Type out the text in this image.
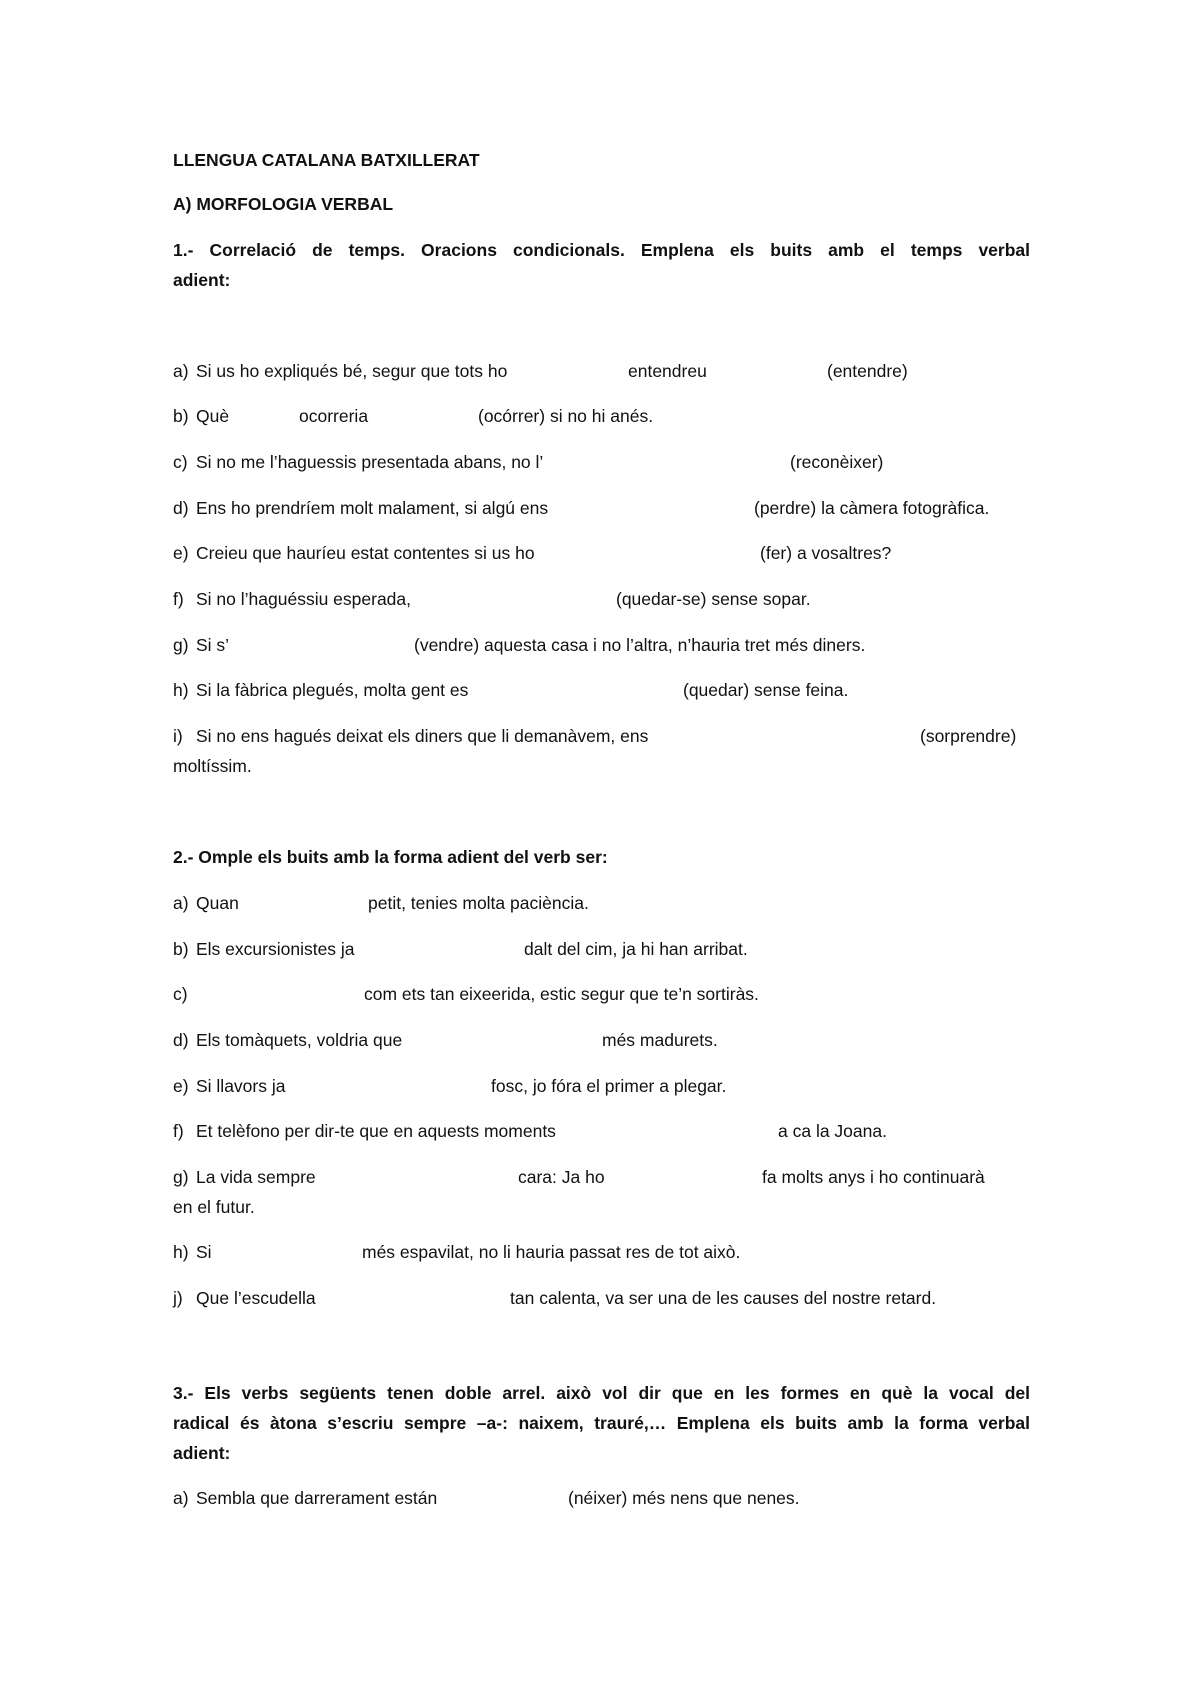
LLENGUA CATALANA BATXILLERAT
A) MORFOLOGIA VERBAL
1.- Correlació de temps. Oracions condicionals. Emplena els buits amb el temps verbal
adient:
a) Si us ho expliqués bé, segur que tots ho	entendreu	(entendre)
b) Què	ocorreria	(ocórrer) si no hi anés.
c) Si no me l’haguessis presentada abans, no l’	(reconèixer)
d) Ens ho prendríem molt malament, si algú ens	(perdre) la càmera fotogràfica.
e) Creieu que hauríeu estat contentes si us ho	(fer) a vosaltres?
f) Si no l’haguéssiu esperada,	(quedar-se) sense sopar.
g) Si s’	(vendre) aquesta casa i no l’altra, n’hauria tret més diners.
h) Si la fàbrica plegués, molta gent es	(quedar) sense feina.
i) Si no ens hagués deixat els diners que li demanàvem, ens	(sorprendre)
moltíssim.
2.- Omple els buits amb la forma adient del verb ser:
a) Quan	petit, tenies molta paciència.
b) Els excursionistes ja	dalt del cim, ja hi han arribat.
c)	com ets tan eixeerida, estic segur que te’n sortiràs.
d) Els tomàquets, voldria que	més madurets.
e) Si llavors ja	fosc, jo fóra el primer a plegar.
f) Et telèfono per dir-te que en aquests moments	a ca la Joana.
g) La vida sempre	cara: Ja ho	fa molts anys i ho continuarà
en el futur.
h) Si	més espavilat, no li hauria passat res de tot això.
j) Que l’escudella	tan calenta, va ser una de les causes del nostre retard.
3.- Els verbs següents tenen doble arrel. això vol dir que en les formes en què la vocal del
radical és àtona s’escriu sempre –a-: naixem, trauré,… Emplena els buits amb la forma verbal
adient:
a) Sembla que darrerament están	(néixer) més nens que nenes.
